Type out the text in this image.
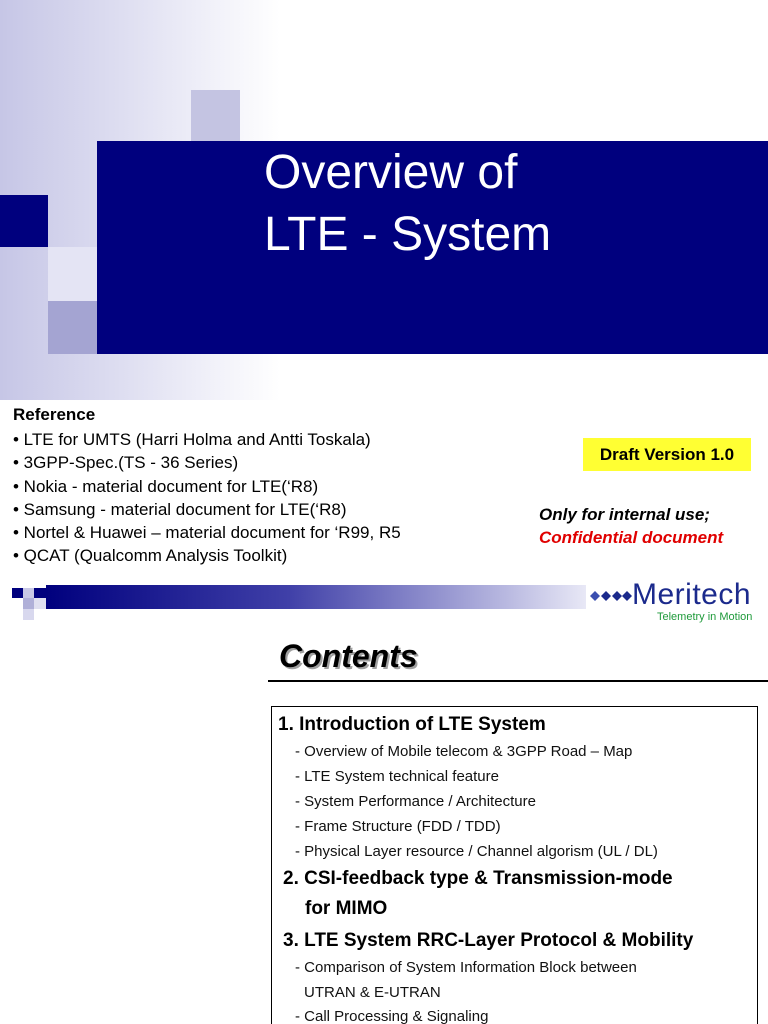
Overview of
LTE - System
Reference
• LTE for UMTS (Harri Holma and Antti Toskala)
• 3GPP-Spec.(TS - 36 Series)
• Nokia - material document for LTE(‘R8)
• Samsung - material document for LTE(‘R8)
• Nortel & Huawei – material document for ‘R99, R5
• QCAT (Qualcomm Analysis Toolkit)
Draft Version 1.0
Only for internal use;
Confidential document
Meritech
Telemetry in Motion
Contents
1. Introduction of LTE System
- Overview of Mobile telecom & 3GPP Road – Map
- LTE System technical feature
- System Performance / Architecture
- Frame Structure (FDD / TDD)
- Physical Layer resource / Channel algorism (UL / DL)
2. CSI-feedback type & Transmission-mode
for MIMO
3. LTE System RRC-Layer Protocol & Mobility
- Comparison of System Information Block between
UTRAN & E-UTRAN
- Call Processing & Signaling
